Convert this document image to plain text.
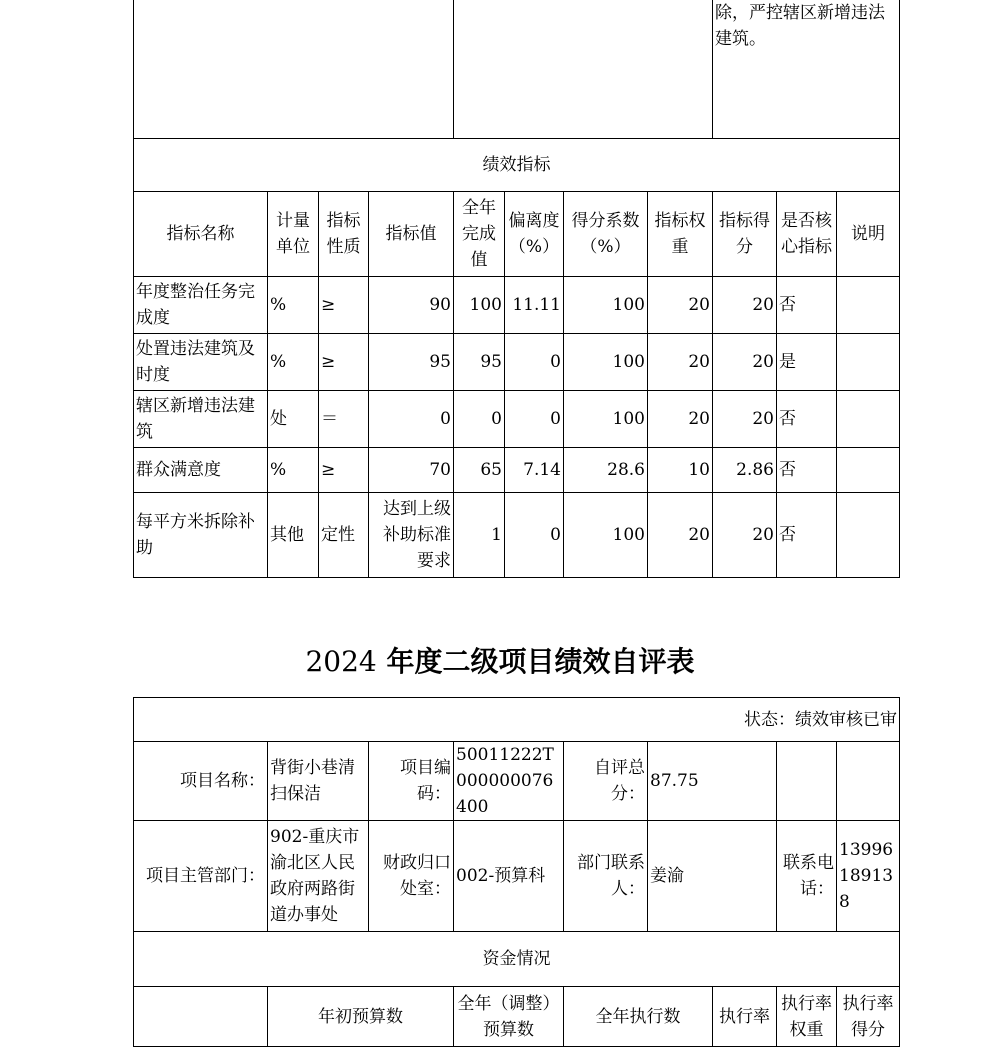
								除，严控辖区新增违法建筑。		
绩效指标										
指标名称	计量单位	指标性质	指标值	全年完成值	偏离度（%）	得分系数（%）	指标权重	指标得分	是否核心指标	说明
年度整治任务完成度	%	≥	90	100	11.11	100	20	20	否	
处置违法建筑及时度	%	≥	95	95	0	100	20	20	是	
辖区新增违法建筑	处	＝	0	0	0	100	20	20	否	
群众满意度	%	≥	70	65	7.14	28.6	10	2.86	否	
每平方米拆除补助	其他	定性	达到上级补助标准要求	1	0	100	20	20	否	
2024 年度二级项目绩效自评表
状态：绩效审核已审								
项目名称：	背街小巷清扫保洁	项目编码：	50011222T000000076400	自评总分：	87.75			
项目主管部门：	902-重庆市渝北区人民政府两路街道办事处	财政归口处室：	002-预算科	部门联系人：	姜渝		联系电话：	13996189138
资金情况								
	年初预算数		全年（调整）预算数	全年执行数		执行率	执行率权重	执行率得分
